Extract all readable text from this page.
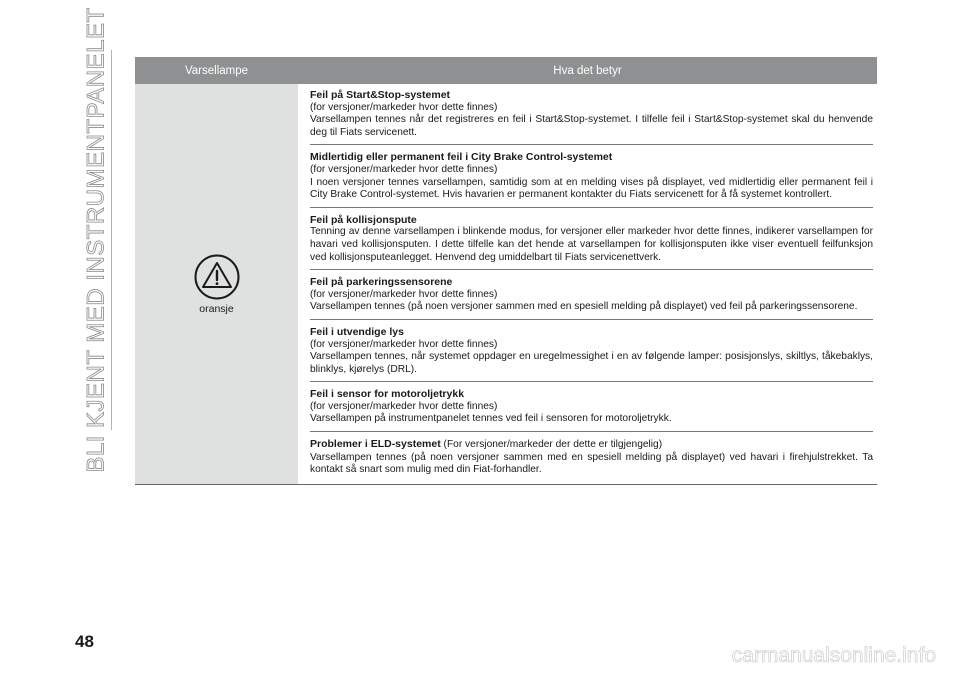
BLI KJENT MED INSTRUMENTPANELET	Varsellampe	Hva det betyr
oransje
Feil på Start&Stop-systemet
(for versjoner/markeder hvor dette finnes)
Varsellampen tennes når det registreres en feil i Start&Stop-systemet. I tilfelle feil i Start&Stop-systemet skal du henvende deg til Fiats servicenett.
Midlertidig eller permanent feil i City Brake Control-systemet
(for versjoner/markeder hvor dette finnes)
I noen versjoner tennes varsellampen, samtidig som at en melding vises på displayet, ved midlertidig eller permanent feil i City Brake Control-systemet. Hvis havarien er permanent kontakter du Fiats servicenett for å få systemet kontrollert.
Feil på kollisjonspute
Tenning av denne varsellampen i blinkende modus, for versjoner eller markeder hvor dette finnes, indikerer varsellampen for havari ved kollisjonsputen. I dette tilfelle kan det hende at varsellampen for kollisjonsputen ikke viser eventuell feilfunksjon ved kollisjonsputeanlegget. Henvend deg umiddelbart til Fiats servicenettverk.
Feil på parkeringssensorene
(for versjoner/markeder hvor dette finnes)
Varsellampen tennes (på noen versjoner sammen med en spesiell melding på displayet) ved feil på parkeringssensorene.
Feil i utvendige lys
(for versjoner/markeder hvor dette finnes)
Varsellampen tennes, når systemet oppdager en uregelmessighet i en av følgende lamper: posisjonslys, skiltlys, tåkebaklys, blinklys, kjørelys (DRL).
Feil i sensor for motoroljetrykk
(for versjoner/markeder hvor dette finnes)
Varsellampen på instrumentpanelet tennes ved feil i sensoren for motoroljetrykk.
Problemer i ELD-systemet (For versjoner/markeder der dette er tilgjengelig)
Varsellampen tennes (på noen versjoner sammen med en spesiell melding på displayet) ved havari i firehjulstrekket. Ta kontakt så snart som mulig med din Fiat-forhandler.
48
carmanualsonline.info
